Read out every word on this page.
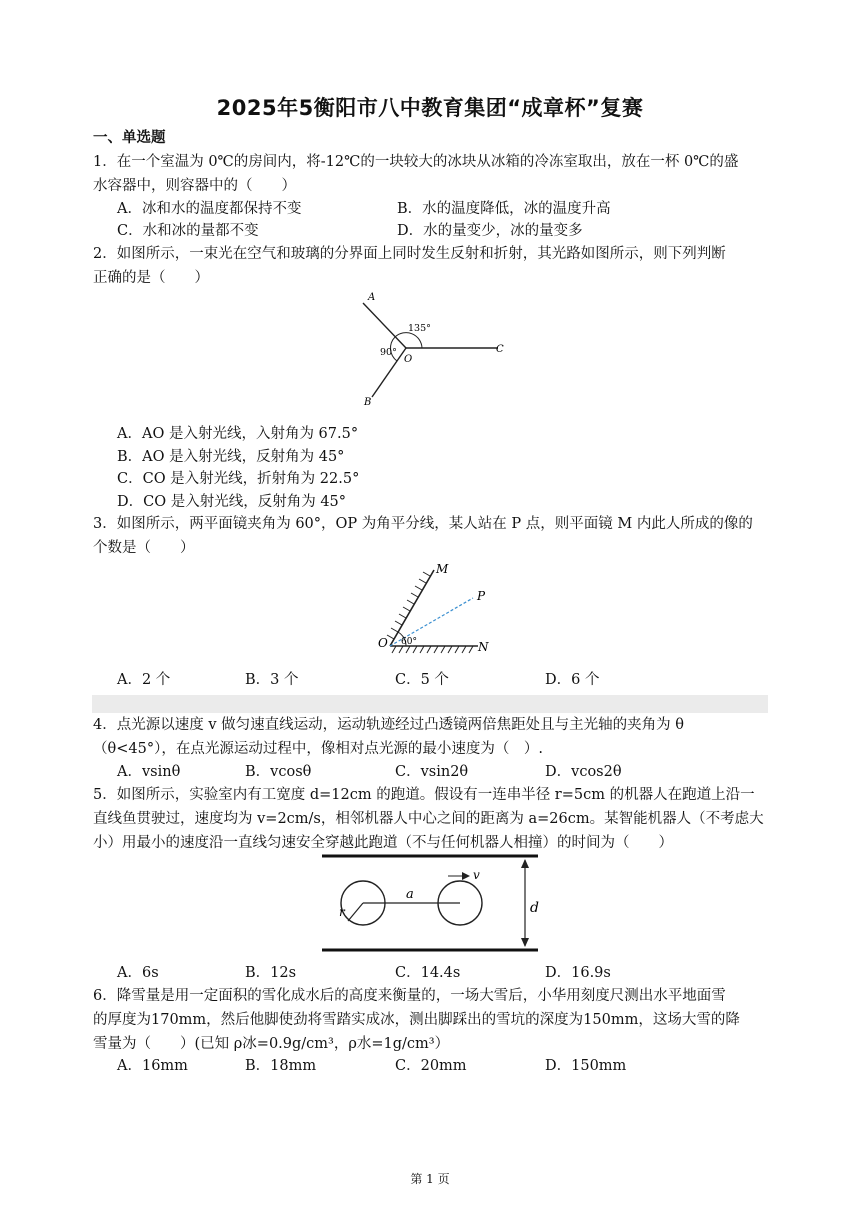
2025年5衡阳市八中教育集团“成章杯”复赛
一、单选题
1．在一个室温为 0℃的房间内，将-12℃的一块较大的冰块从冰箱的冷冻室取出，放在一杯 0℃的盛
水容器中，则容器中的（　　）
A．冰和水的温度都保持不变	B．水的温度降低，冰的温度升高
C．水和冰的量都不变	D．水的量变少，冰的量变多
2．如图所示，一束光在空气和玻璃的分界面上同时发生反射和折射，其光路如图所示，则下列判断
正确的是（　　）
A
B
C
O
135°
90°
A．AO 是入射光线，入射角为 67.5°
B．AO 是入射光线，反射角为 45°
C．CO 是入射光线，折射角为 22.5°
D．CO 是入射光线，反射角为 45°
3．如图所示，两平面镜夹角为 60°，OP 为角平分线，某人站在 P 点，则平面镜 M 内此人所成的像的
个数是（　　）
M
N
O
P
60°
A．2 个	B．3 个	C．5 个	D．6 个
4．点光源以速度 v 做匀速直线运动，运动轨迹经过凸透镜两倍焦距处且与主光轴的夹角为 θ
（θ<45°），在点光源运动过程中，像相对点光源的最小速度为（　）.
A．vsinθ	B．vcosθ	C．vsin2θ	D．vcos2θ
5．如图所示，实验室内有工宽度 d=12cm 的跑道。假设有一连串半径 r=5cm 的机器人在跑道上沿一
直线鱼贯驶过，速度均为 v=2cm/s，相邻机器人中心之间的距离为 a=26cm。某智能机器人（不考虑大
小）用最小的速度沿一直线匀速安全穿越此跑道（不与任何机器人相撞）的时间为（　　）
r
a
v
d
A．6s	B．12s	C．14.4s	D．16.9s
6．降雪量是用一定面积的雪化成水后的高度来衡量的，一场大雪后，小华用刻度尺测出水平地面雪
的厚度为170mm，然后他脚使劲将雪踏实成冰，测出脚踩出的雪坑的深度为150mm，这场大雪的降
雪量为（　　）(已知 ρ冰=0.9g/cm³，ρ水=1g/cm³）
A．16mm	B．18mm	C．20mm	D．150mm
第 1 页
